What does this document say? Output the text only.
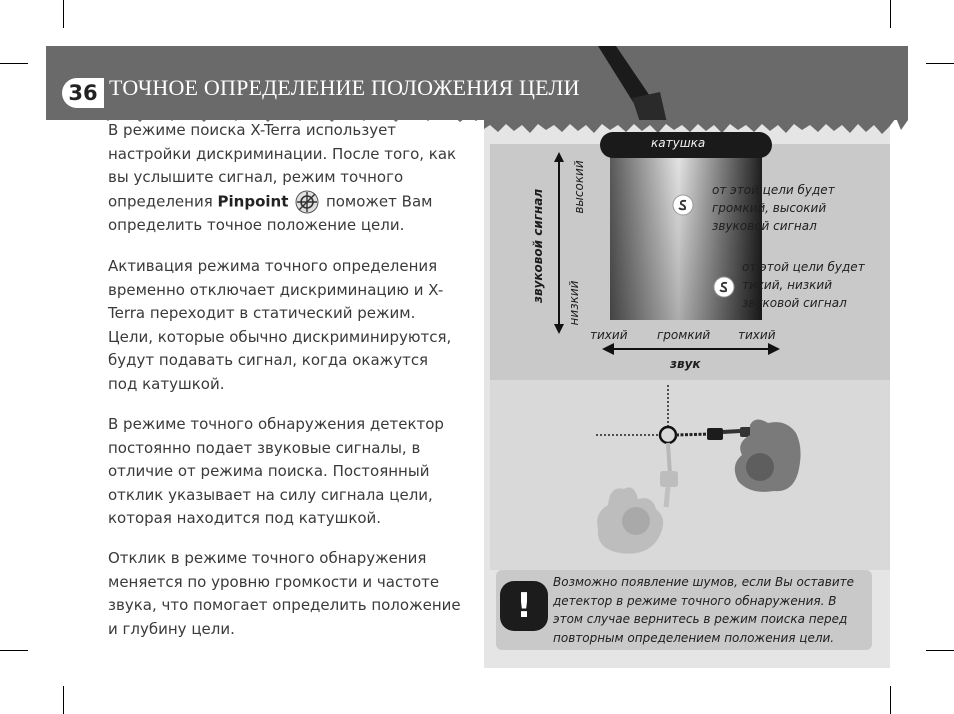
36 ТОЧНОЕ ОПРЕДЕЛЕНИЕ ПОЛОЖЕНИЯ ЦЕЛИ

В режиме поиска X-Terra использует настройки дискриминации. После того, как вы услышите сигнал, режим точного определения Pinpoint	поможет Вам определить точное положение цели.

Активация режима точного определения временно отключает дискриминацию и X-Terra переходит в статический режим. Цели, которые обычно дискриминируются, будут подавать сигнал, когда окажутся под катушкой.

В режиме точного обнаружения детектор постоянно подает звуковые сигналы, в отличие от режима поиска. Постоянный отклик указывает на силу сигнала цели, которая находится под катушкой.

Отклик в режиме точного обнаружения меняется по уровню громкости и частоте звука, что помогает определить положение и глубину цели.

катушка
звуковой сигнал
высокий
низкий
от этой цели будет громкий, высокий звуковой сигнал
от этой цели будет тихий, низкий звуковой сигнал
тихий громкий тихий
звук
!

Возможно появление шумов, если Вы оставите детектор в режиме точного обнаружения. В этом случае вернитесь в режим поиска перед повторным определением положения цели.
